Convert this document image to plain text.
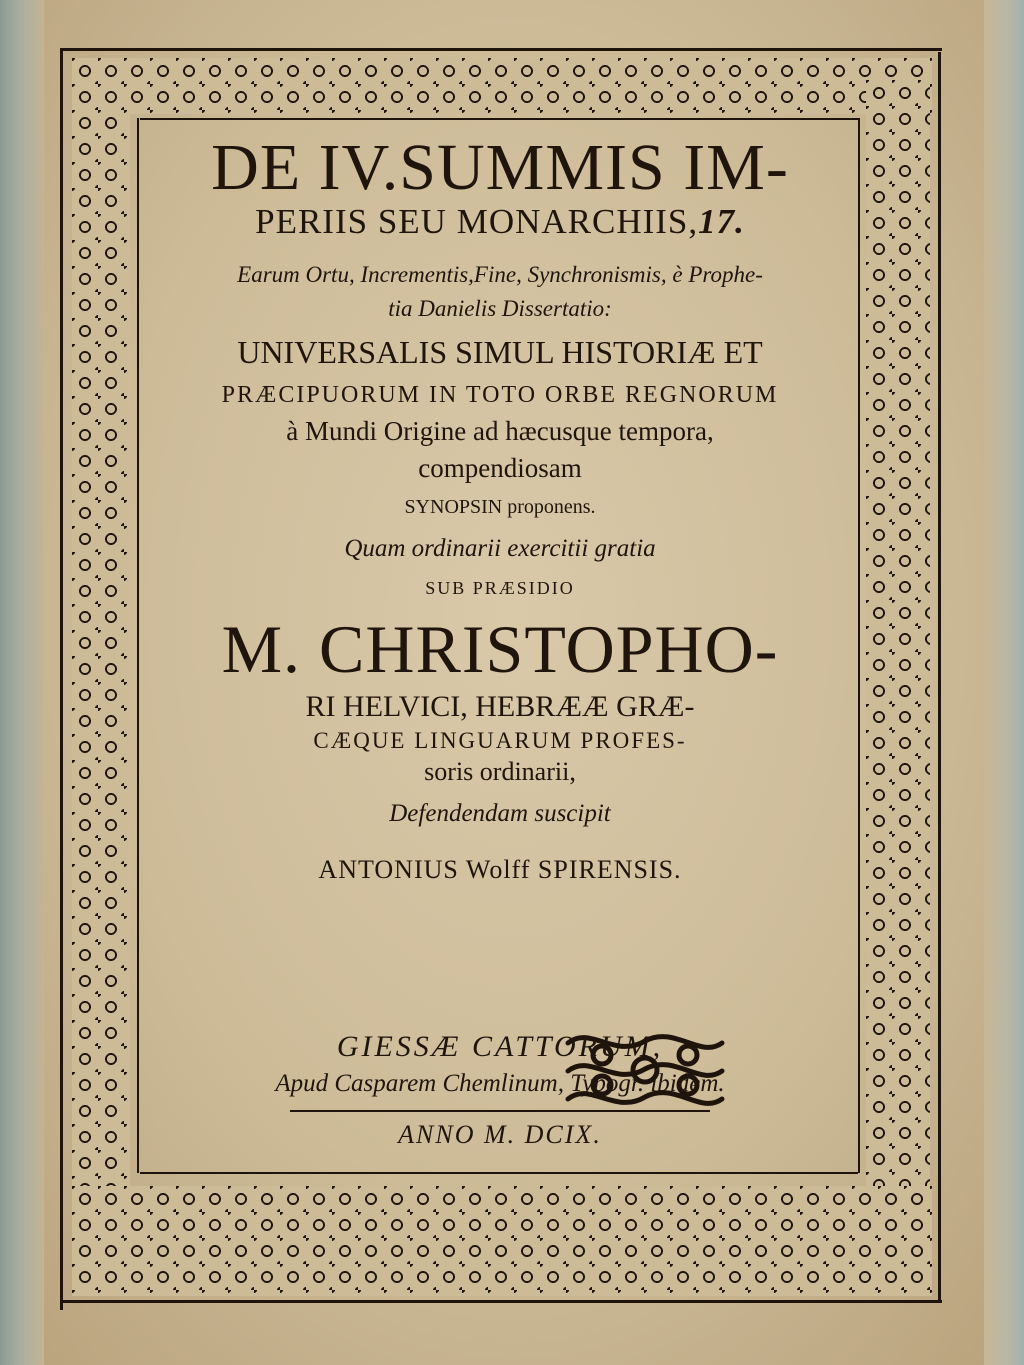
DE IV.SUMMIS IM-
PERIIS SEU MONARCHIIS,17.
Earum Ortu, Incrementis,Fine, Synchronismis, è Prophe-
tia Danielis Dissertatio:
UNIVERSALIS SIMUL HISTORIÆ ET
PRÆCIPUORUM IN TOTO ORBE REGNORUM
à Mundi Origine ad hæcusque tempora,
compendiosam
SYNOPSIN proponens.
Quam ordinarii exercitii gratia
SUB PRÆSIDIO
M. CHRISTOPHO-
RI HELVICI, HEBRÆÆ GRÆ-
CÆQUE LINGUARUM PROFES-
soris ordinarii,
Defendendam suscipit
ANTONIUS Wolff SPIRENSIS.
GIESSÆ CATTORUM,
Apud Casparem Chemlinum, Typogr. ibidem.
ANNO M. DCIX.
